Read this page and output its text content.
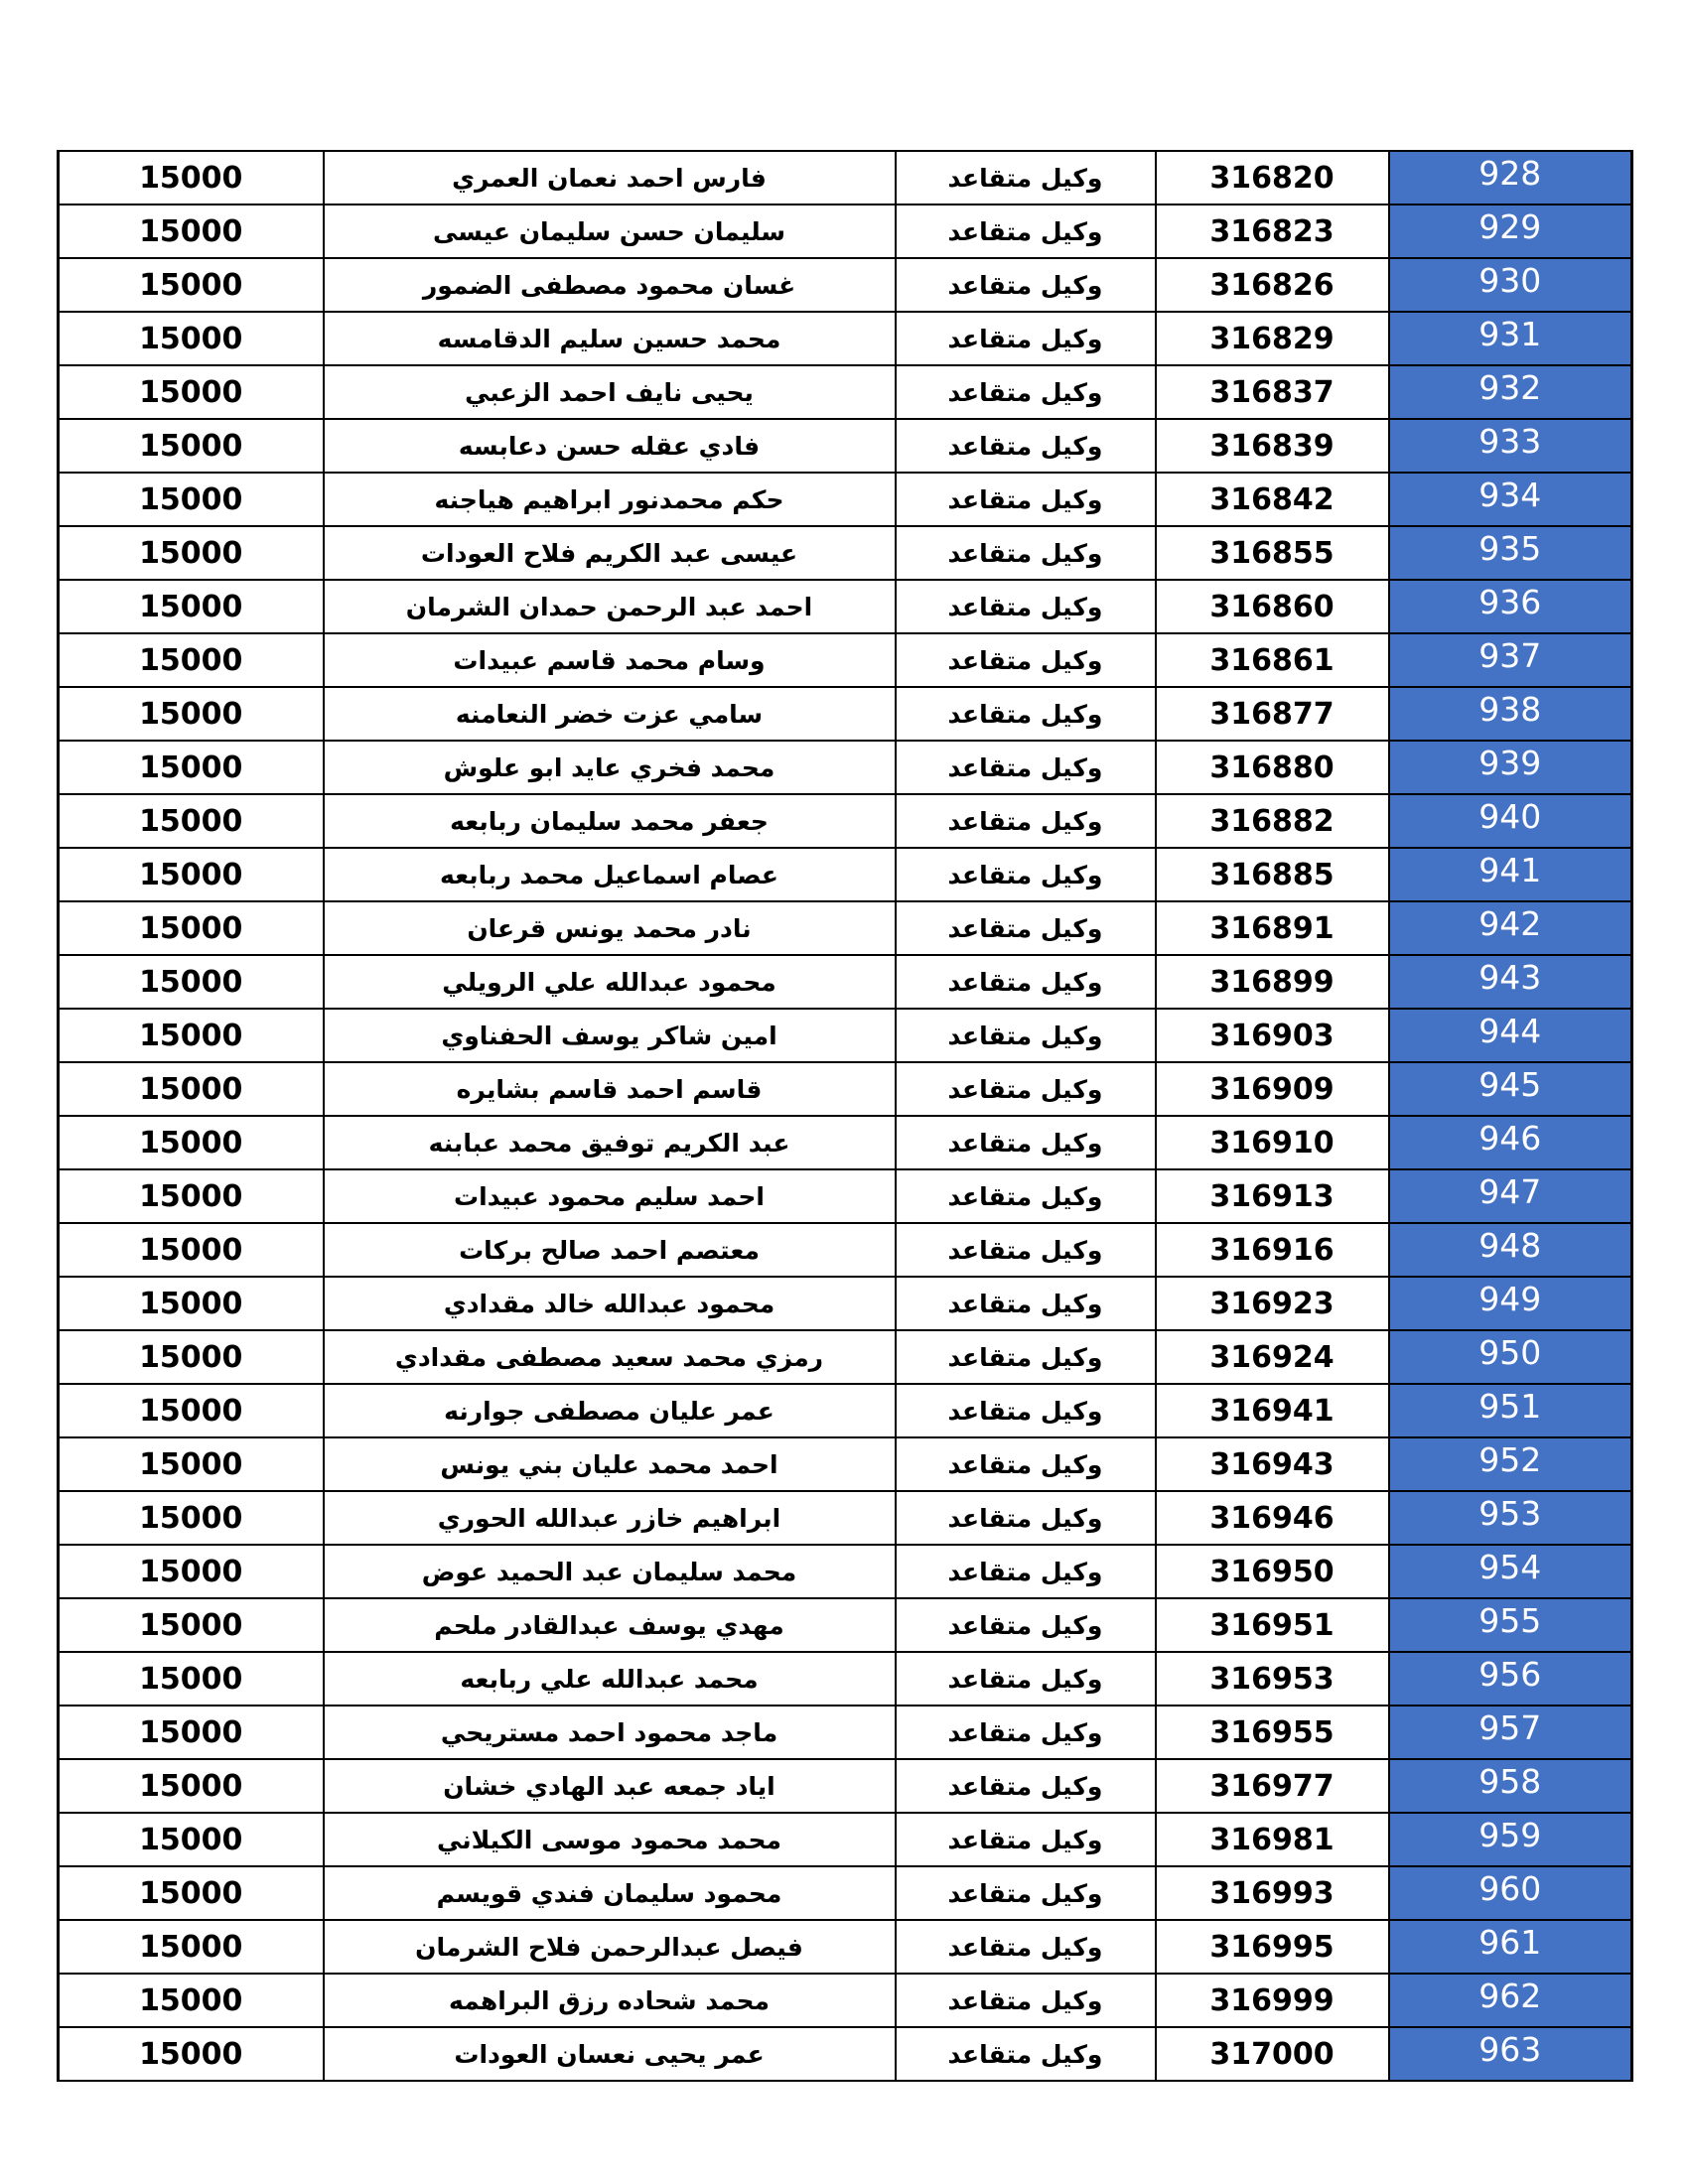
15000	فارس احمد نعمان العمري	وكيل متقاعد	316820	928
15000	سليمان حسن سليمان عيسى	وكيل متقاعد	316823	929
15000	غسان محمود مصطفى الضمور	وكيل متقاعد	316826	930
15000	محمد حسين سليم الدقامسه	وكيل متقاعد	316829	931
15000	يحيى نايف احمد الزعبي	وكيل متقاعد	316837	932
15000	فادي عقله حسن دعابسه	وكيل متقاعد	316839	933
15000	حكم محمدنور ابراهيم هياجنه	وكيل متقاعد	316842	934
15000	عيسى عبد الكريم فلاح العودات	وكيل متقاعد	316855	935
15000	احمد عبد الرحمن حمدان الشرمان	وكيل متقاعد	316860	936
15000	وسام محمد قاسم عبيدات	وكيل متقاعد	316861	937
15000	سامي عزت خضر النعامنه	وكيل متقاعد	316877	938
15000	محمد فخري عايد ابو علوش	وكيل متقاعد	316880	939
15000	جعفر محمد سليمان ربابعه	وكيل متقاعد	316882	940
15000	عصام اسماعيل محمد ربابعه	وكيل متقاعد	316885	941
15000	نادر محمد يونس قرعان	وكيل متقاعد	316891	942
15000	محمود عبدالله علي الرويلي	وكيل متقاعد	316899	943
15000	امين شاكر يوسف الحفناوي	وكيل متقاعد	316903	944
15000	قاسم احمد قاسم بشايره	وكيل متقاعد	316909	945
15000	عبد الكريم توفيق محمد عبابنه	وكيل متقاعد	316910	946
15000	احمد سليم محمود عبيدات	وكيل متقاعد	316913	947
15000	معتصم احمد صالح بركات	وكيل متقاعد	316916	948
15000	محمود عبدالله خالد مقدادي	وكيل متقاعد	316923	949
15000	رمزي محمد سعيد مصطفى مقدادي	وكيل متقاعد	316924	950
15000	عمر عليان مصطفى جوارنه	وكيل متقاعد	316941	951
15000	احمد محمد عليان بني يونس	وكيل متقاعد	316943	952
15000	ابراهيم خازر عبدالله الحوري	وكيل متقاعد	316946	953
15000	محمد سليمان عبد الحميد عوض	وكيل متقاعد	316950	954
15000	مهدي يوسف عبدالقادر ملحم	وكيل متقاعد	316951	955
15000	محمد عبدالله علي ربابعه	وكيل متقاعد	316953	956
15000	ماجد محمود احمد مستريحي	وكيل متقاعد	316955	957
15000	اياد جمعه عبد الهادي خشان	وكيل متقاعد	316977	958
15000	محمد محمود موسى الكيلاني	وكيل متقاعد	316981	959
15000	محمود سليمان فندي قويسم	وكيل متقاعد	316993	960
15000	فيصل عبدالرحمن فلاح الشرمان	وكيل متقاعد	316995	961
15000	محمد شحاده رزق البراهمه	وكيل متقاعد	316999	962
15000	عمر يحيى نعسان العودات	وكيل متقاعد	317000	963
